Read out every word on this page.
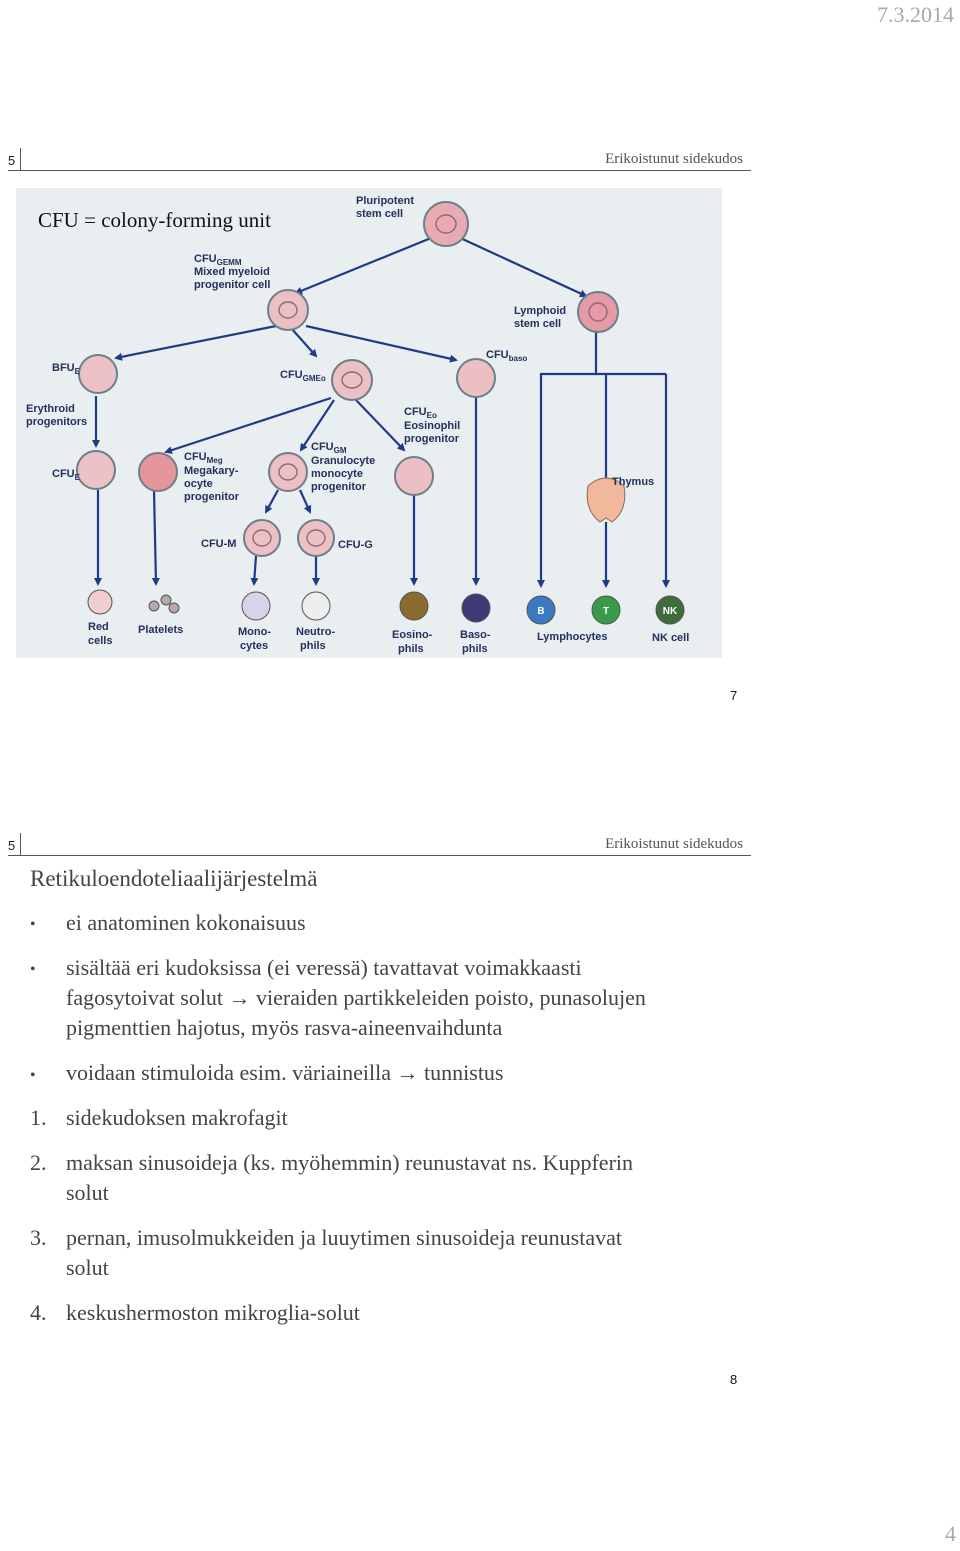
7.3.2014
5	Erikoistunut sidekudos
Pluripotent
stem cell
$CFU_{GEMM}$
Mixed myeloid
progenitor cell
Lymphoid
stem cell
$BFU_E$
Erythroid
progenitors
$CFU_E$
$CFU_{GMEo}$
$CFU_{baso}$
$CFU_{Eo}$
Eosinophil
progenitor
$CFU_{Meg}$
Megakary-
ocyte
progenitor
$CFU_{GM}$
Granulocyte
monocyte
progenitor	Thymus
CFU-M	CFU-G
Red
cells
Platelets	Mono-
cytes
Neutro-
phils
Eosino-
phils
Baso-
phils
Lymphocytes	NK cell
B	T	NK
CFU = colony-forming unit
7
5	Erikoistunut sidekudos
Retikuloendoteliaalijärjestelmä
• ei anatominen kokonaisuus
• sisältää eri kudoksissa (ei veressä) tavattavat voimakkaasti
fagosytoivat solut → vieraiden partikkeleiden poisto, punasolujen
pigmenttien hajotus, myös rasva-aineenvaihdunta
• voidaan stimuloida esim. väriaineilla → tunnistus
1. sidekudoksen makrofagit
2. maksan sinusoideja (ks. myöhemmin) reunustavat ns. Kuppferin
solut
3. pernan, imusolmukkeiden ja luuytimen sinusoideja reunustavat
solut
4. keskushermoston mikroglia-solut
8
4
